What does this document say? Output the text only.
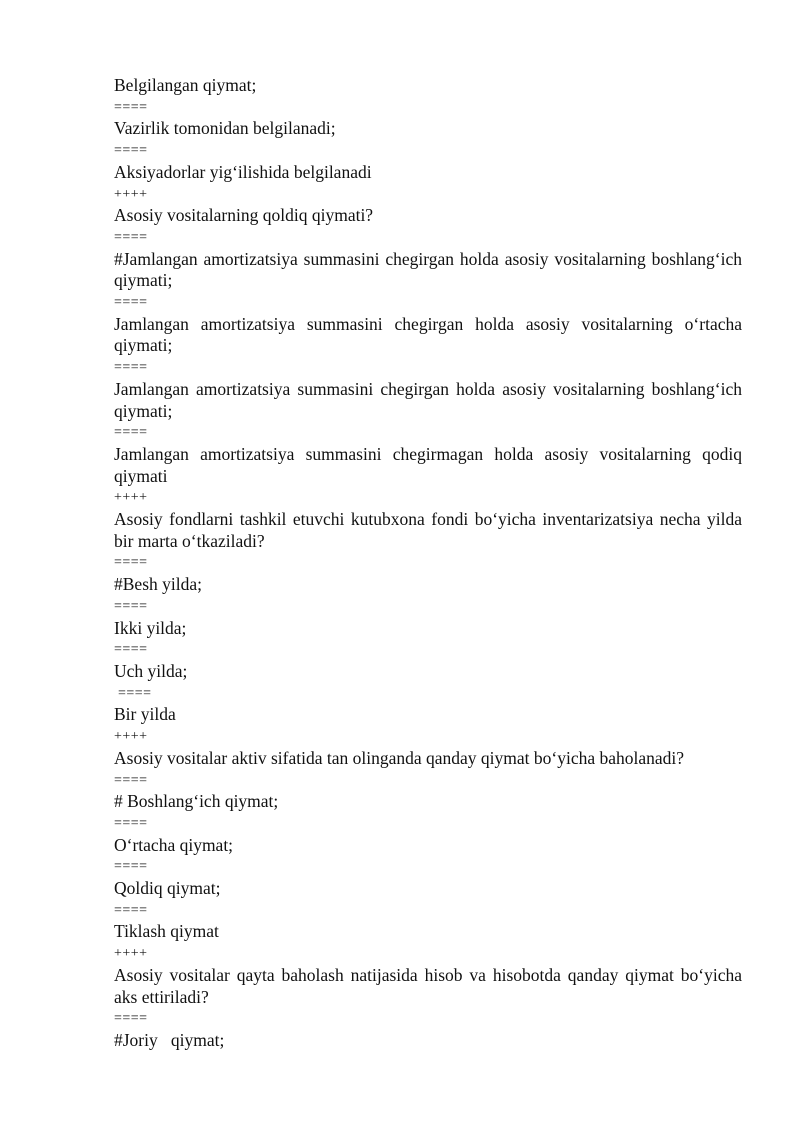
Belgilangan qiymat;

====

Vazirlik tomonidan belgilanadi;

====

Aksiyadorlar yig‘ilishida belgilanadi

++++

Asosiy vositalarning qoldiq qiymati?

====

#Jamlangan amortizatsiya summasini chegirgan holda asosiy vositalarning boshlang‘ich qiymati;

====

Jamlangan amortizatsiya summasini chegirgan holda asosiy vositalarning o‘rtacha qiymati;

====

Jamlangan amortizatsiya summasini chegirgan holda asosiy vositalarning boshlang‘ich qiymati;

====

Jamlangan amortizatsiya summasini chegirmagan holda asosiy vositalarning qodiq qiymati

++++

Asosiy fondlarni tashkil etuvchi kutubxona fondi bo‘yicha inventarizatsiya necha yilda bir marta o‘tkaziladi?

====

#Besh yilda;

====

Ikki yilda;

====

Uch yilda;

====

Bir yilda

++++

Asosiy vositalar aktiv sifatida tan olinganda qanday qiymat bo‘yicha baholanadi?

====

# Boshlang‘ich qiymat;

====

O‘rtacha qiymat;

====

Qoldiq qiymat;

====

Tiklash qiymat

++++

Asosiy vositalar qayta baholash natijasida hisob va hisobotda qanday qiymat bo‘yicha aks ettiriladi?

====

#Joriy   qiymat;
